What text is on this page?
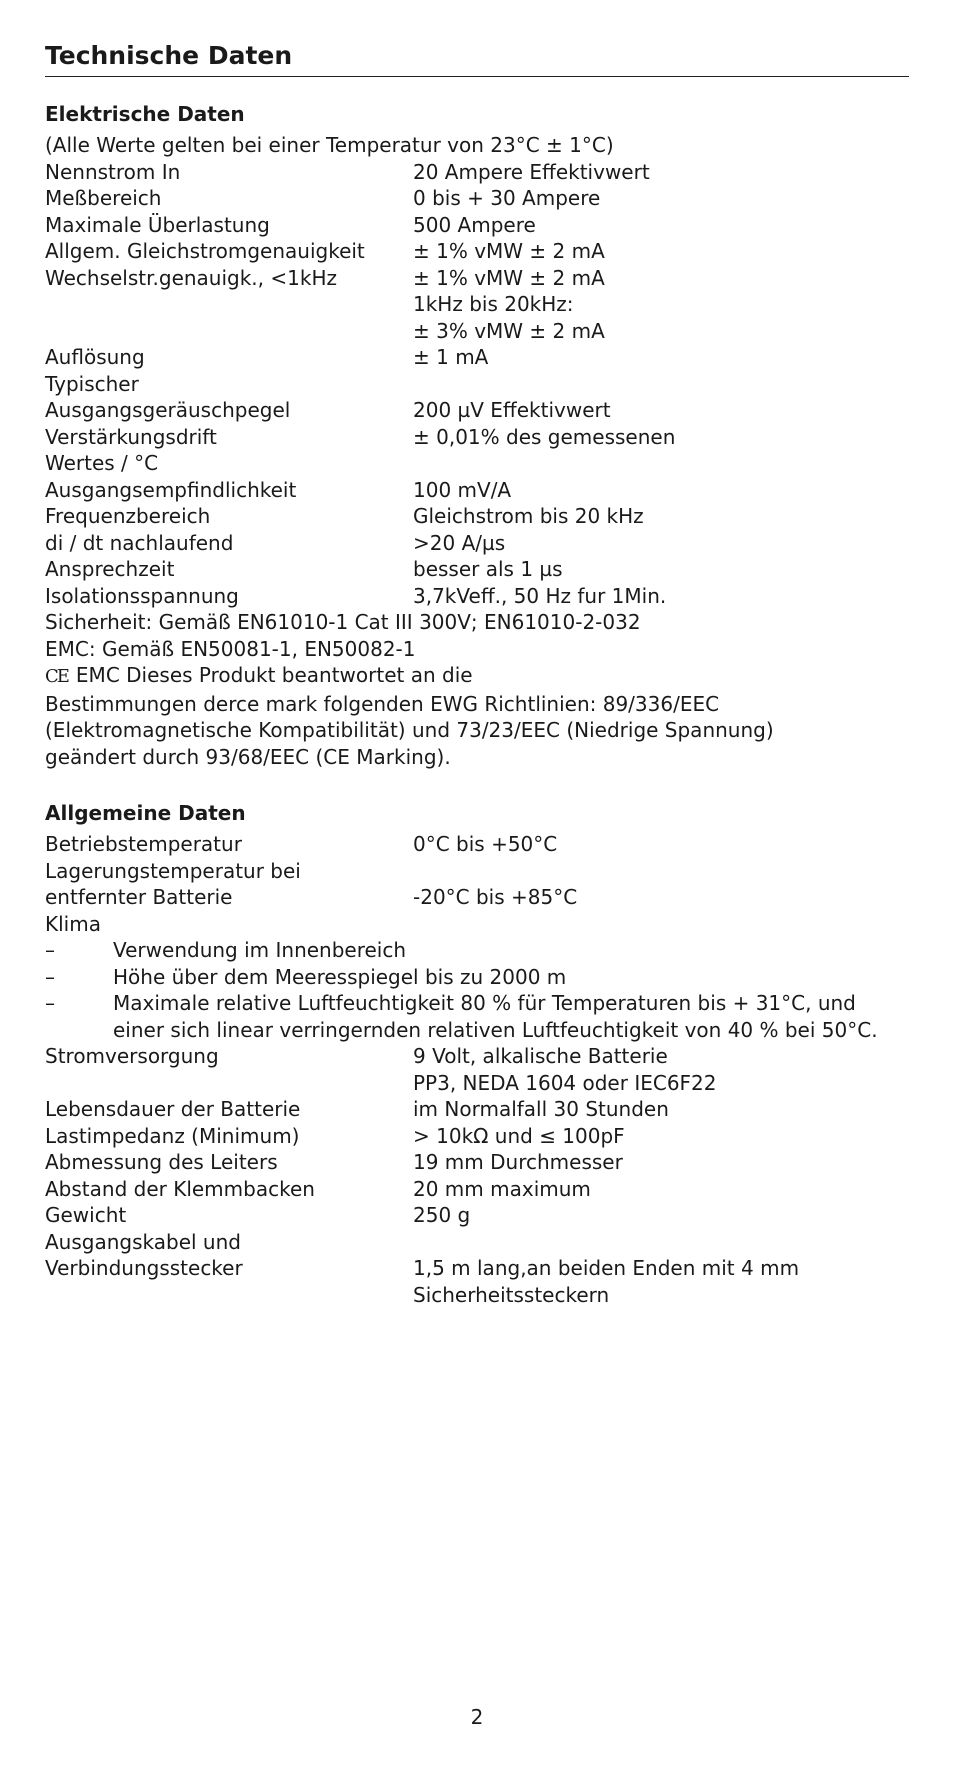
Technische Daten
Elektrische Daten

(Alle Werte gelten bei einer Temperatur von 23°C ± 1°C)

Nennstrom In	20 Ampere Effektivwert
Meßbereich	0 bis + 30 Ampere
Maximale Überlastung	500 Ampere
Allgem. Gleichstromgenauigkeit	± 1% vMW ± 2 mA
Wechselstr.genauigk., <1kHz	± 1% vMW ± 2 mA
1kHz bis 20kHz:
± 3% vMW ± 2 mA
Auflösung	± 1 mA
Typischer
Ausgangsgeräuschpegel	200 µV Effektivwert
Verstärkungsdrift	± 0,01% des gemessenen
Wertes / °C
Ausgangsempfindlichkeit	100 mV/A
Frequenzbereich	Gleichstrom bis 20 kHz
di / dt nachlaufend	>20 A/µs
Ansprechzeit	besser als 1 µs
Isolationsspannung	3,7kVeff., 50 Hz fur 1Min.

Sicherheit: Gemäß EN61010-1 Cat III 300V; EN61010-2-032

EMC: Gemäß EN50081-1, EN50082-1

CE EMC Dieses Produkt beantwortet an die

Bestimmungen derce mark folgenden EWG Richtlinien: 89/336/EEC

(Elektromagnetische Kompatibilität) und 73/23/EEC (Niedrige Spannung)

geändert durch 93/68/EEC (CE Marking).

Allgemeine Daten
Betriebstemperatur	0°C bis +50°C
Lagerungstemperatur bei
entfernter Batterie	-20°C bis +85°C

Klima

–	Verwendung im Innenbereich
–	Höhe über dem Meeresspiegel bis zu 2000 m
–	Maximale relative Luftfeuchtigkeit 80 % für Temperaturen bis + 31°C, und einer sich linear verringernden relativen Luftfeuchtigkeit von 40 % bei 50°C.
Stromversorgung	9 Volt, alkalische Batterie
PP3, NEDA 1604 oder IEC6F22
Lebensdauer der Batterie	im Normalfall 30 Stunden
Lastimpedanz (Minimum)	> 10kΩ und ≤ 100pF
Abmessung des Leiters	19 mm Durchmesser
Abstand der Klemmbacken	20 mm maximum
Gewicht	250 g
Ausgangskabel und
Verbindungsstecker	1,5 m lang,an beiden Enden mit 4 mm
Sicherheitssteckern
2
